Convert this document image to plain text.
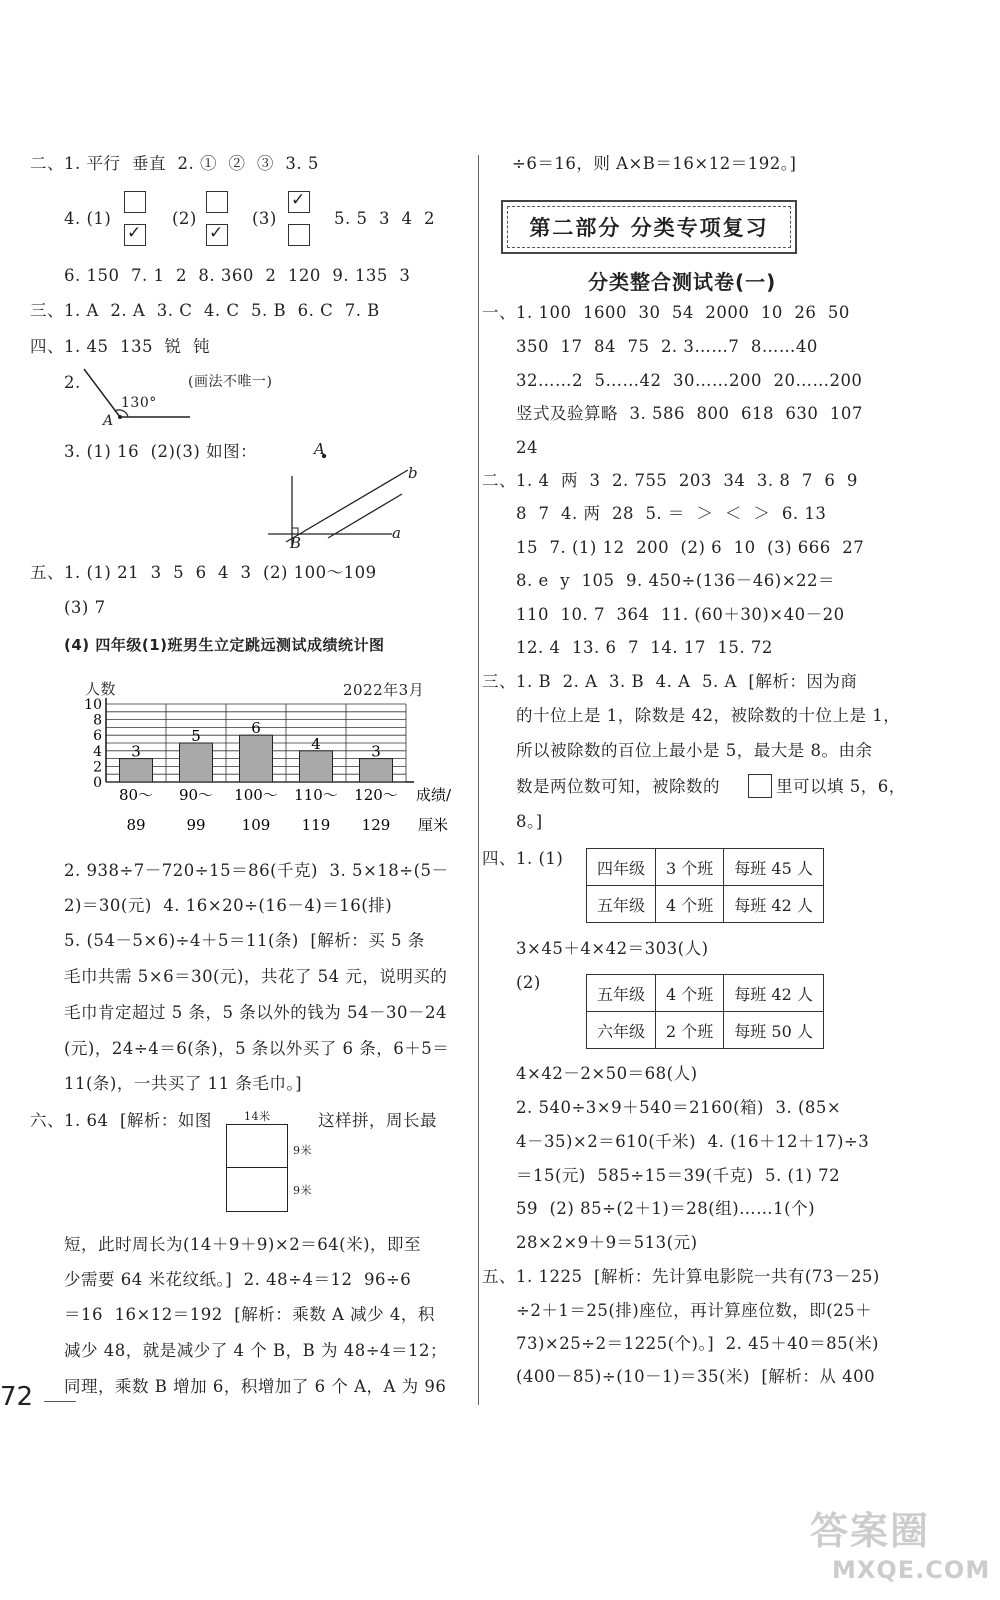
二、1. 平行  垂直  2. ①  ②  ③  3. 5
4. (1)
✓	(2)
✓	(3)
✓	5. 5  3  4  2
6. 150  7. 1  2  8. 360  2  120  9. 135  3
三、1. A  2. A  3. C  4. C  5. B  6. C  7. B
四、1. 45  135  锐  钝
2.
130°
A
(画法不唯一)
3. (1) 16  (2)(3) 如图：	A
b
a
B
五、1. (1) 21  3  5  6  4  3  (2) 100～109
(3) 7
(4) 四年级(1)班男生立定跳远测试成绩统计图
人数	2022年3月
0
2
4
6
8
10
3
80～
89
5
90～
99
6
100～
109
4
110～
119
3
120～
129
成绩/
厘米
2. 938÷7－720÷15＝86(千克)  3. 5×18÷(5－
2)＝30(元)  4. 16×20÷(16－4)＝16(排)
5. (54－5×6)÷4＋5＝11(条)  [解析：买 5 条
毛巾共需 5×6＝30(元)，共花了 54 元，说明买的
毛巾肯定超过 5 条，5 条以外的钱为 54－30－24
(元)，24÷4＝6(条)，5 条以外买了 6 条，6＋5＝
11(条)，一共买了 11 条毛巾。]
六、1. 64  [解析：如图	这样拼，周长最
14米
9米
9米
短，此时周长为(14＋9＋9)×2＝64(米)，即至
少需要 64 米花纹纸。]  2. 48÷4＝12  96÷6
＝16  16×12＝192  [解析：乘数 A 减少 4，积
减少 48，就是减少了 4 个 B，B 为 48÷4＝12；
同理，乘数 B 增加 6，积增加了 6 个 A，A 为 96
÷6＝16，则 A×B＝16×12＝192。]
第二部分 分类专项复习
分类整合测试卷(一)
一、1. 100  1600  30  54  2000  10  26  50
350  17  84  75  2. 3……7  8……40
32……2  5……42  30……200  20……200
竖式及验算略  3. 586  800  618  630  107
24
二、1. 4  两  3  2. 755  203  34  3. 8  7  6  9
8  7  4. 两  28  5. ＝  ＞  ＜  ＞  6. 13
15  7. (1) 12  200  (2) 6  10  (3) 666  27
8. e  y  105  9. 450÷(136－46)×22＝
110  10. 7  364  11. (60＋30)×40－20
12. 4  13. 6  7  14. 17  15. 72
三、1. B  2. A  3. B  4. A  5. A  [解析：因为商
的十位上是 1，除数是 42，被除数的十位上是 1，
所以被除数的百位上最小是 5，最大是 8。由余
数是两位数可知，被除数的	里可以填 5，6，
8。]
四、1. (1) 四年级	3 个班	每班 45 人
五年级	4 个班	每班 42 人
3×45＋4×42＝303(人)
(2)
五年级	4 个班	每班 42 人
六年级	2 个班	每班 50 人
4×42－2×50＝68(人)
2. 540÷3×9＋540＝2160(箱)  3. (85×
4－35)×2＝610(千米)  4. (16＋12＋17)÷3
＝15(元)  585÷15＝39(千克)  5. (1) 72
59  (2) 85÷(2＋1)＝28(组)……1(个)
28×2×9＋9＝513(元)
五、1. 1225  [解析：先计算电影院一共有(73－25)
÷2＋1＝25(排)座位，再计算座位数，即(25＋
73)×25÷2＝1225(个)。]  2. 45＋40＝85(米)
(400－85)÷(10－1)＝35(米)  [解析：从 400
72
答案圈
MXQE.COM
